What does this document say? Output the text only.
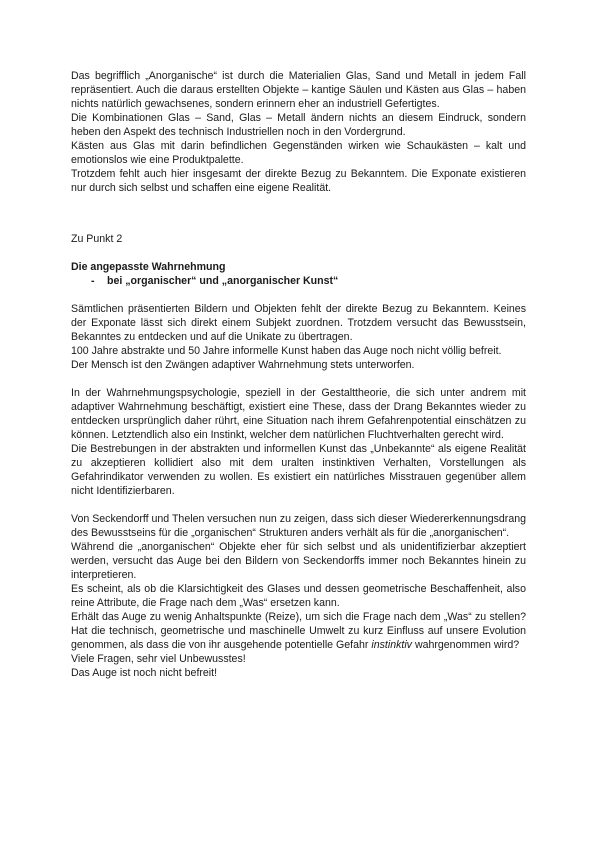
Das begrifflich „Anorganische“ ist durch die Materialien Glas, Sand und Metall in jedem Fall repräsentiert. Auch die daraus erstellten Objekte – kantige Säulen und Kästen aus Glas – haben nichts natürlich gewachsenes, sondern erinnern eher an industriell Gefertigtes.

Die Kombinationen Glas – Sand, Glas – Metall ändern nichts an diesem Eindruck, sondern heben den Aspekt des technisch Industriellen noch in den Vordergrund.

Kästen aus Glas mit darin befindlichen Gegenständen wirken wie Schaukästen – kalt und emotionslos wie eine Produktpalette.

Trotzdem fehlt auch hier insgesamt der direkte Bezug zu Bekanntem. Die Exponate existieren nur durch sich selbst und schaffen eine eigene Realität.

Zu Punkt 2

Die angepasste Wahrnehmung

-	bei „organischer“ und „anorganischer Kunst“

Sämtlichen präsentierten Bildern und Objekten fehlt der direkte Bezug zu Bekanntem. Keines der Exponate lässt sich direkt einem Subjekt zuordnen. Trotzdem versucht das Bewusstsein, Bekanntes zu entdecken und auf die Unikate zu übertragen.

100 Jahre abstrakte und 50 Jahre informelle Kunst haben das Auge noch nicht völlig befreit.

Der Mensch ist den Zwängen adaptiver Wahrnehmung stets unterworfen.

In der Wahrnehmungspsychologie, speziell in der Gestalttheorie, die sich unter andrem mit adaptiver Wahrnehmung beschäftigt, existiert eine These, dass der Drang Bekanntes wieder zu entdecken ursprünglich daher rührt, eine Situation nach ihrem Gefahrenpotential einschätzen zu können. Letztendlich also ein Instinkt, welcher dem natürlichen Fluchtverhalten gerecht wird.

Die Bestrebungen in der abstrakten und informellen Kunst das „Unbekannte“ als eigene Realität zu akzeptieren kollidiert also mit dem uralten instinktiven Verhalten, Vorstellungen als Gefahrindikator verwenden zu wollen. Es existiert ein natürliches Misstrauen gegenüber allem nicht Identifizierbaren.

Von Seckendorff und Thelen versuchen nun zu zeigen, dass sich dieser Wiedererkennungsdrang des Bewusstseins für die „organischen“ Strukturen anders verhält als für die „anorganischen“.

Während die „anorganischen“ Objekte eher für sich selbst und als unidentifizierbar akzeptiert werden, versucht das Auge bei den Bildern von Seckendorffs immer noch Bekanntes hinein zu interpretieren.

Es scheint, als ob die Klarsichtigkeit des Glases und dessen geometrische Beschaffenheit, also reine Attribute, die Frage nach dem „Was“ ersetzen kann.

Erhält das Auge zu wenig Anhaltspunkte (Reize), um sich die Frage nach dem „Was“ zu stellen? Hat die technisch, geometrische und maschinelle Umwelt zu kurz Einfluss auf unsere Evolution genommen, als dass die von ihr ausgehende potentielle Gefahr instinktiv wahrgenommen wird?

Viele Fragen, sehr viel Unbewusstes!

Das Auge ist noch nicht befreit!
